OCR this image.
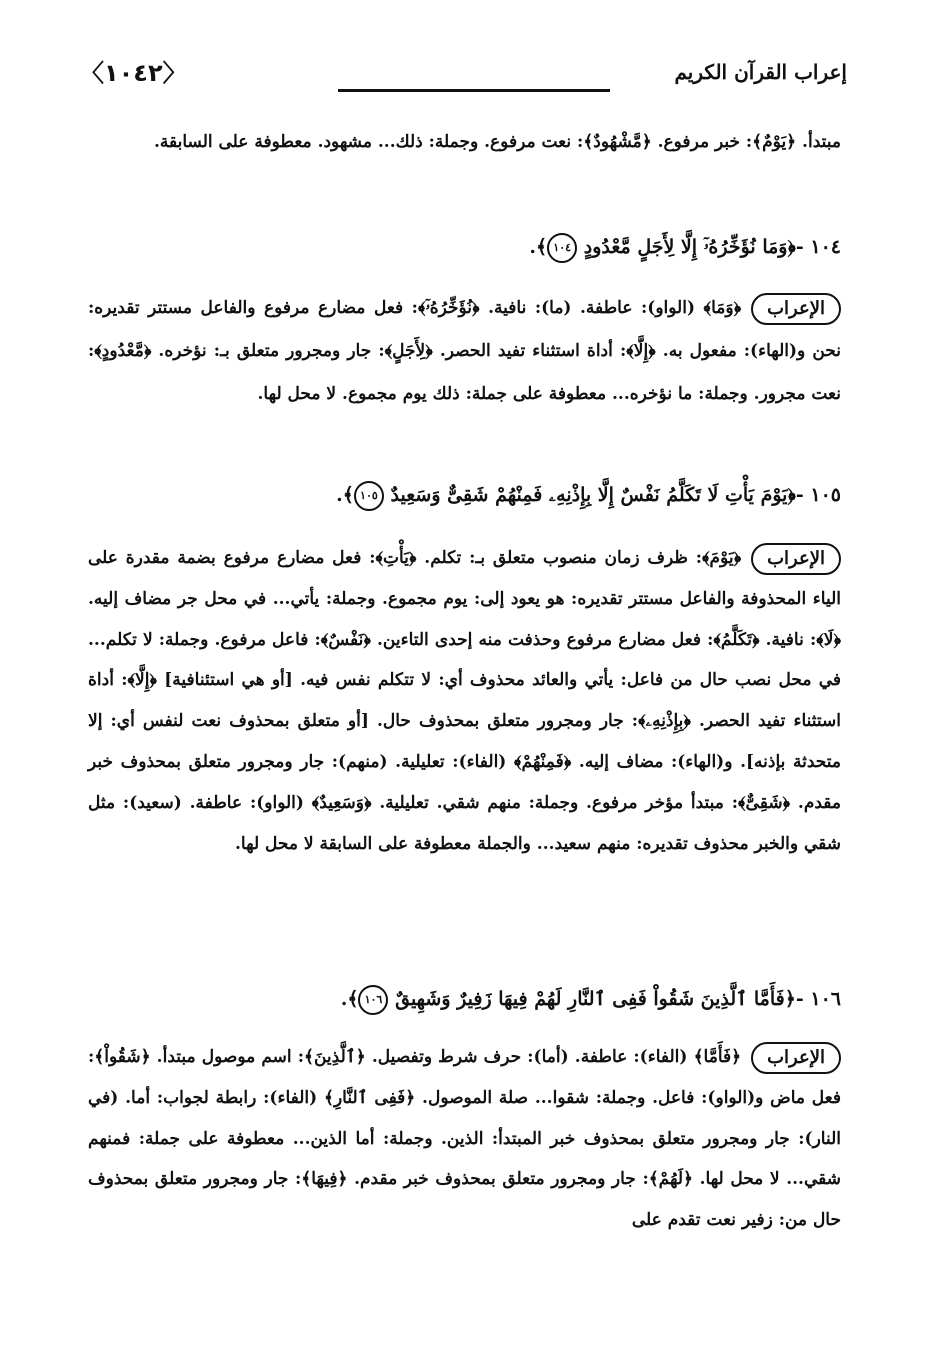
〈١٠٤٢〉	إعراب القرآن الكريم
مبتدأ. ﴿يَوْمٌ﴾: خبر مرفوع. ﴿مَّشْهُودٌ﴾: نعت مرفوع. وجملة: ذلك... مشهود. معطوفة على السابقة.
١٠٤ -﴿وَمَا نُؤَخِّرُهُۥٓ إِلَّا لِأَجَلٍ مَّعْدُودٍ ١٠٤﴾.
الإعراب﴿وَمَا﴾ (الواو): عاطفة. (ما): نافية. ﴿نُؤَخِّرُهُۥٓ﴾: فعل مضارع مرفوع والفاعل مستتر تقديره: نحن و(الهاء): مفعول به. ﴿إِلَّا﴾: أداة استثناء تفيد الحصر. ﴿لِأَجَلٍ﴾: جار ومجرور متعلق بـ: نؤخره. ﴿مَّعْدُودٍ﴾: نعت مجرور. وجملة: ما نؤخره... معطوفة على جملة: ذلك يوم مجموع. لا محل لها.
١٠٥ -﴿يَوْمَ يَأْتِ لَا تَكَلَّمُ نَفْسٌ إِلَّا بِإِذْنِهِۦ فَمِنْهُمْ شَقِىٌّ وَسَعِيدٌ ١٠٥﴾.
الإعراب﴿يَوْمَ﴾: ظرف زمان منصوب متعلق بـ: تكلم. ﴿يَأْتِ﴾: فعل مضارع مرفوع بضمة مقدرة على الياء المحذوفة والفاعل مستتر تقديره: هو يعود إلى: يوم مجموع. وجملة: يأتي... في محل جر مضاف إليه. ﴿لَا﴾: نافية. ﴿تَكَلَّمُ﴾: فعل مضارع مرفوع وحذفت منه إحدى التاءين. ﴿نَفْسٌ﴾: فاعل مرفوع. وجملة: لا تكلم... في محل نصب حال من فاعل: يأتي والعائد محذوف أي: لا تتكلم نفس فيه. [أو هي استئنافية] ﴿إِلَّا﴾: أداة استثناء تفيد الحصر. ﴿بِإِذْنِهِۦ﴾: جار ومجرور متعلق بمحذوف حال. [أو متعلق بمحذوف نعت لنفس أي: إلا متحدثة بإذنه]. و(الهاء): مضاف إليه. ﴿فَمِنْهُمْ﴾ (الفاء): تعليلية. (منهم): جار ومجرور متعلق بمحذوف خبر مقدم. ﴿شَقِىٌّ﴾: مبتدأ مؤخر مرفوع. وجملة: منهم شقي. تعليلية. ﴿وَسَعِيدٌ﴾ (الواو): عاطفة. (سعيد): مثل شقي والخبر محذوف تقديره: منهم سعيد... والجملة معطوفة على السابقة لا محل لها.
١٠٦ -﴿فَأَمَّا ٱلَّذِينَ شَقُواْ فَفِى ٱلنَّارِ لَهُمْ فِيهَا زَفِيرٌ وَشَهِيقٌ ١٠٦﴾.
الإعراب﴿فَأَمَّا﴾ (الفاء): عاطفة. (أما): حرف شرط وتفصيل. ﴿ٱلَّذِينَ﴾: اسم موصول مبتدأ. ﴿شَقُواْ﴾: فعل ماض و(الواو): فاعل. وجملة: شقوا... صلة الموصول. ﴿فَفِى ٱلنَّارِ﴾ (الفاء): رابطة لجواب: أما. (في النار): جار ومجرور متعلق بمحذوف خبر المبتدأ: الذين. وجملة: أما الذين... معطوفة على جملة: فمنهم شقي... لا محل لها. ﴿لَهُمْ﴾: جار ومجرور متعلق بمحذوف خبر مقدم. ﴿فِيهَا﴾: جار ومجرور متعلق بمحذوف حال من: زفير نعت تقدم على
